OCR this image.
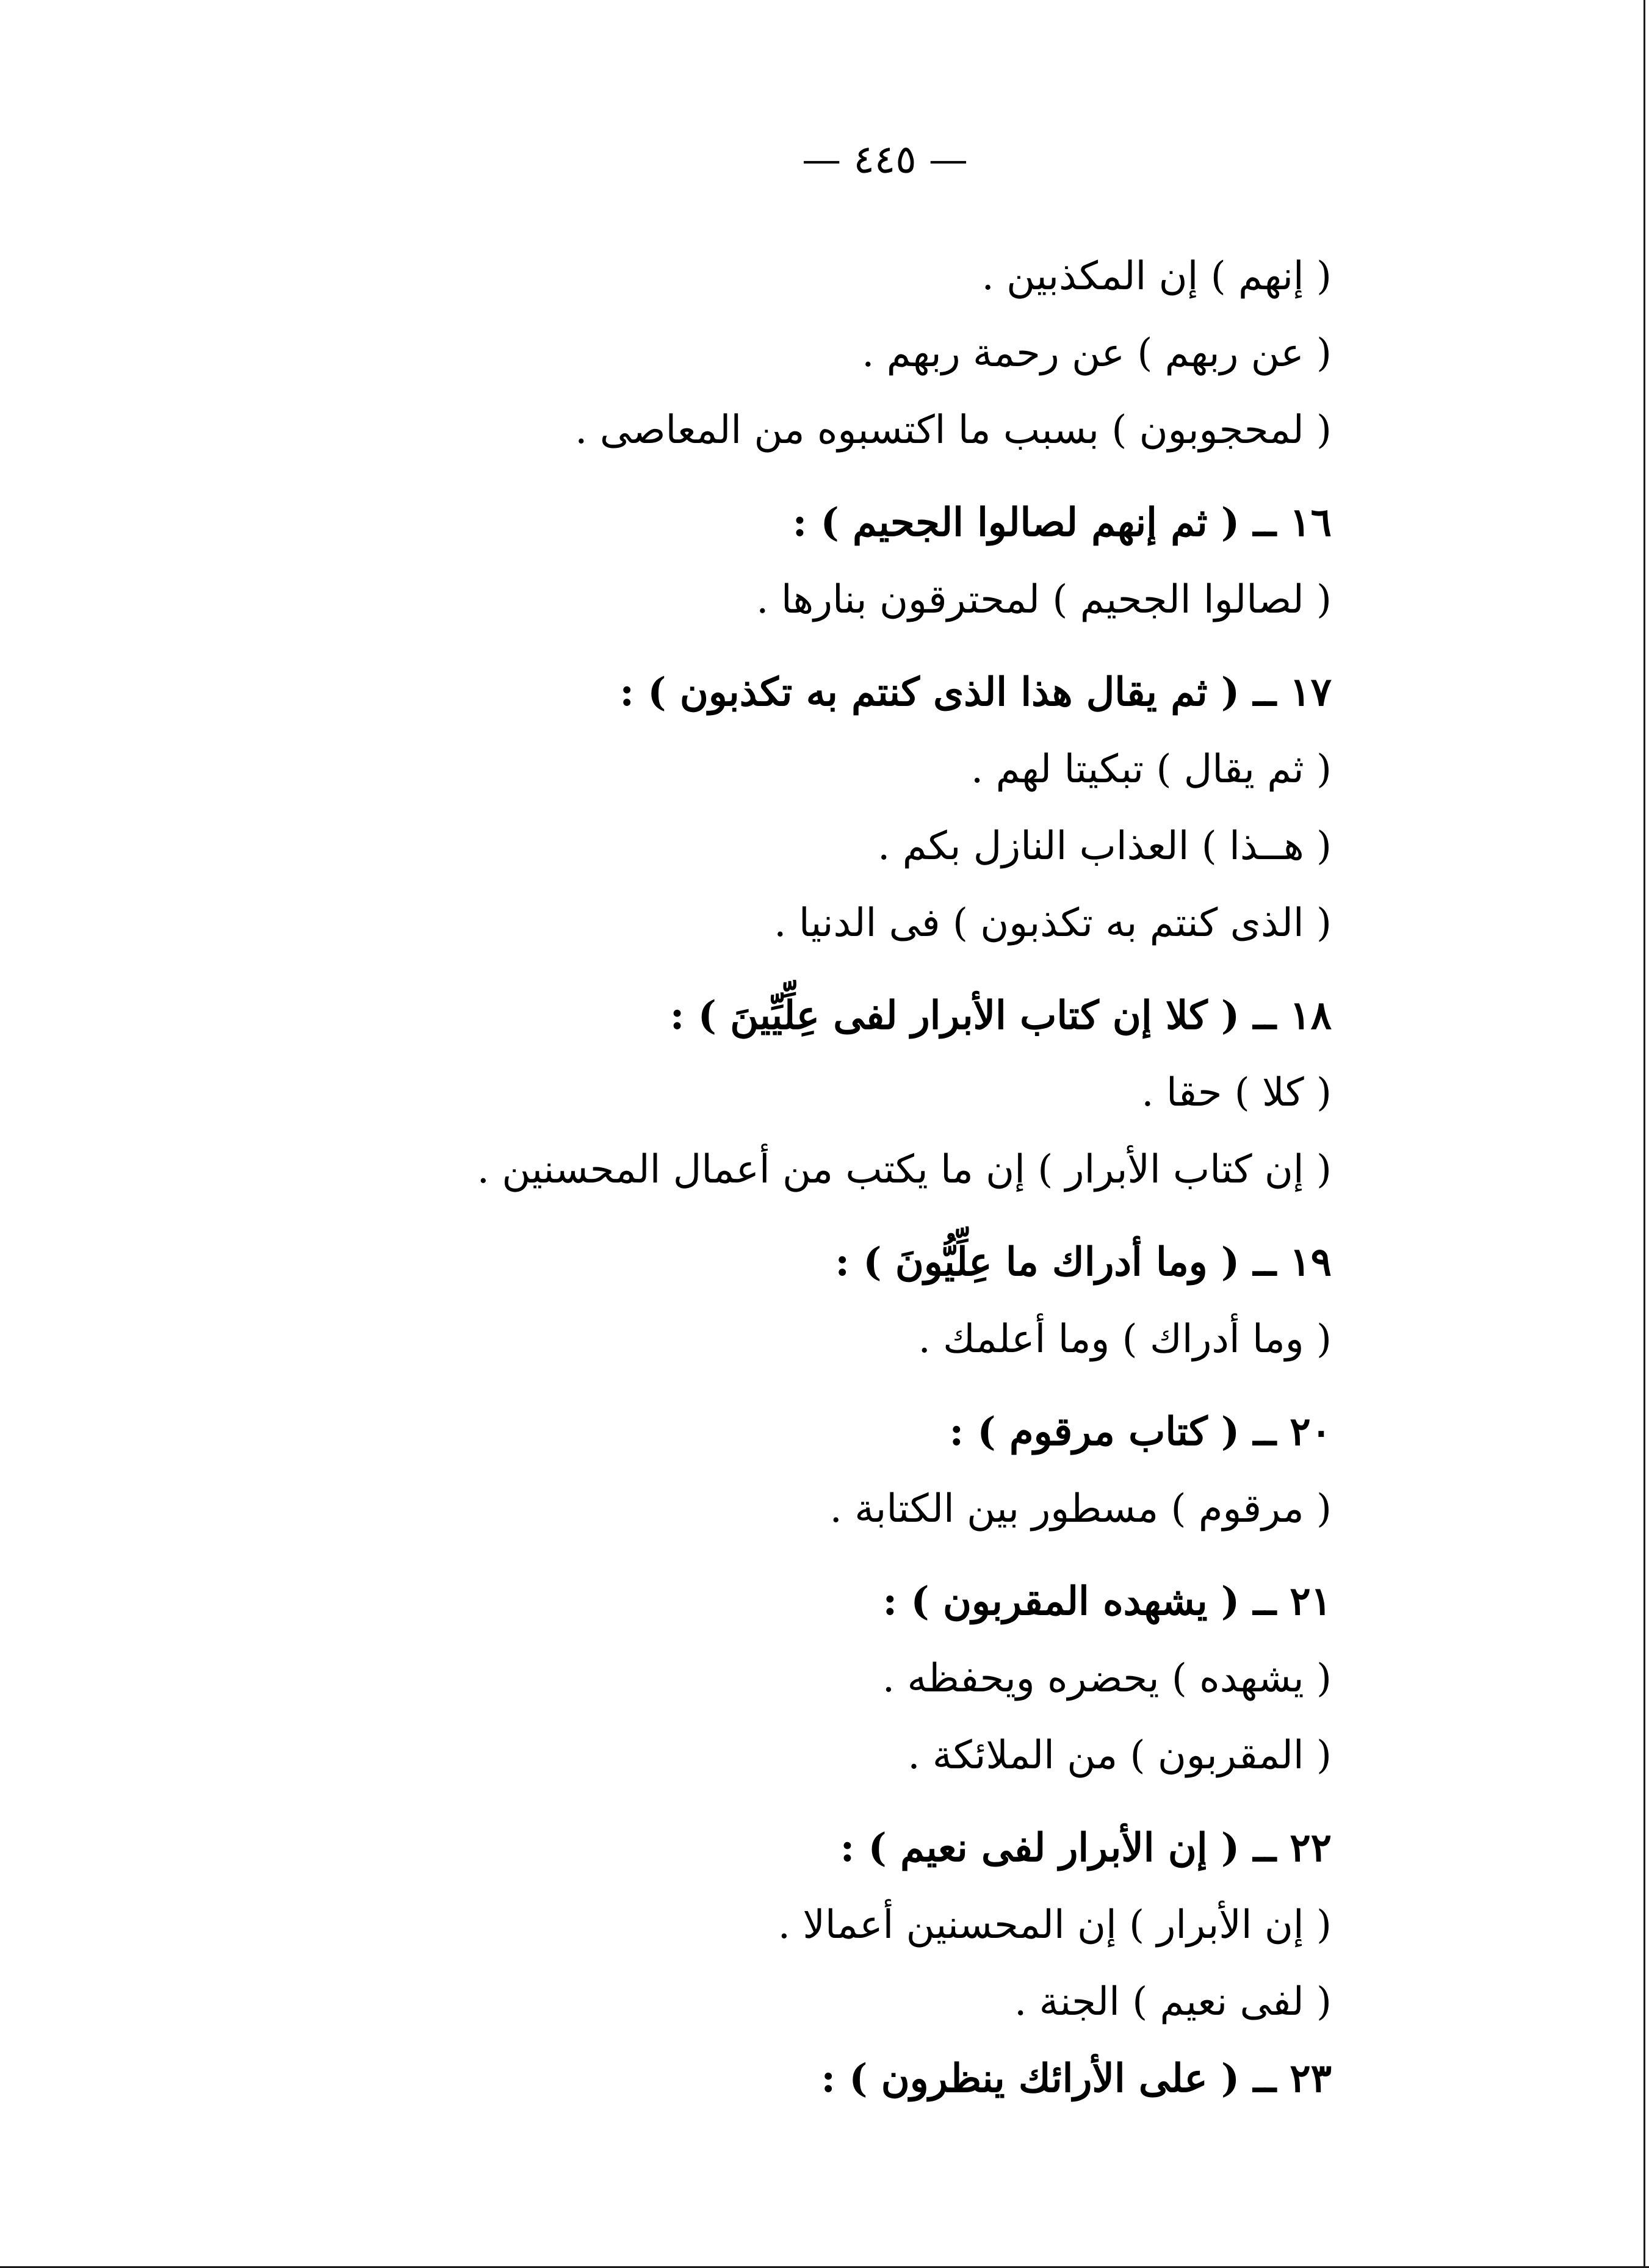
— ٤٤٥ —
( إنهم ) إن المكذبين .
( عن ربهم ) عن رحمة ربهم .
( لمحجوبون ) بسبب ما اكتسبوه من المعاصى .
١٦ ــ ( ثم إنهم لصالوا الجحيم ) :
( لصالوا الجحيم ) لمحترقون بنارها .
١٧ ــ ( ثم يقال هذا الذى كنتم به تكذبون ) :
( ثم يقال ) تبكيتا لهم .
( هــذا ) العذاب النازل بكم .
( الذى كنتم به تكذبون ) فى الدنيا .
١٨ ــ ( كلا إن كتاب الأبرار لفى عِلِّيِّينَ ) :
( كلا ) حقا .
( إن كتاب الأبرار ) إن ما يكتب من أعمال المحسنين .
١٩ ــ ( وما أدراك ما عِلِّيُّونَ ) :
( وما أدراك ) وما أعلمك .
٢٠ ــ ( كتاب مرقوم ) :
( مرقوم ) مسطور بين الكتابة .
٢١ ــ ( يشهده المقربون ) :
( يشهده ) يحضره ويحفظه .
( المقربون ) من الملائكة .
٢٢ ــ ( إن الأبرار لفى نعيم ) :
( إن الأبرار ) إن المحسنين أعمالا .
( لفى نعيم ) الجنة .
٢٣ ــ ( على الأرائك ينظرون ) :
